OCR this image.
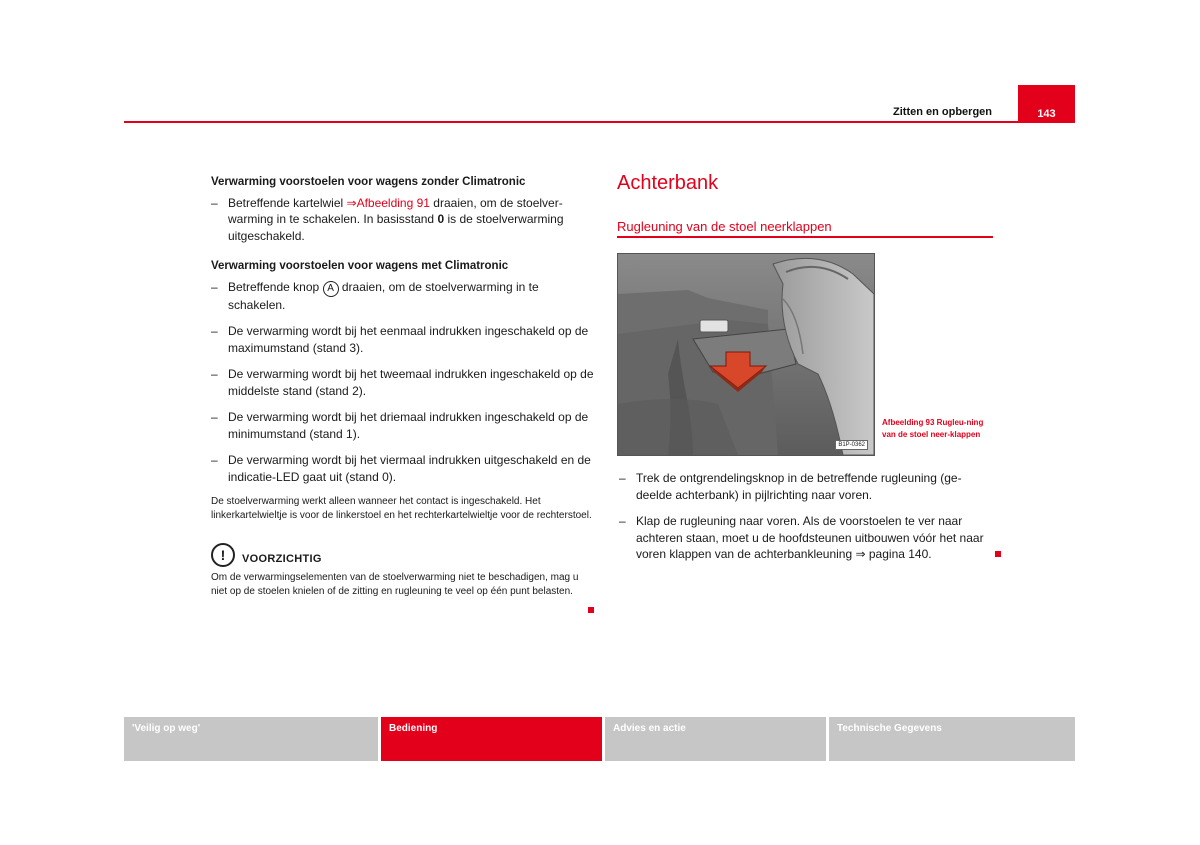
Zitten en opbergen	143

Verwarming voorstoelen voor wagens zonder Climatronic

– Betreffende kartelwiel ⇒Afbeelding 91 draaien, om de stoelver-warming in te schakelen. In basisstand 0 is de stoelverwarming uitgeschakeld.

Verwarming voorstoelen voor wagens met Climatronic

– Betreffende knop A draaien, om de stoelverwarming in te schakelen.
– De verwarming wordt bij het eenmaal indrukken ingeschakeld op de maximumstand (stand 3).
– De verwarming wordt bij het tweemaal indrukken ingeschakeld op de middelste stand (stand 2).
– De verwarming wordt bij het driemaal indrukken ingeschakeld op de minimumstand (stand 1).
– De verwarming wordt bij het viermaal indrukken uitgeschakeld en de indicatie-LED gaat uit (stand 0).

De stoelverwarming werkt alleen wanneer het contact is ingeschakeld. Het linkerkartelwieltje is voor de linkerstoel en het rechterkartelwieltje voor de rechterstoel.

!	VOORZICHTIG

Om de verwarmingselementen van de stoelverwarming niet te beschadigen, mag u niet op de stoelen knielen of de zitting en rugleuning te veel op één punt belasten.

Achterbank
Rugleuning van de stoel neerklappen
B1P-0362
Afbeelding 93 Rugleu-ning van de stoel neer-klappen
– Trek de ontgrendelingsknop in de betreffende rugleuning (ge-deelde achterbank) in pijlrichting naar voren.
– Klap de rugleuning naar voren. Als de voorstoelen te ver naar achteren staan, moet u de hoofdsteunen uitbouwen vóór het naar voren klappen van de achterbankleuning ⇒ pagina 140.
'Veilig op weg'	Bediening	Advies en actie	Technische Gegevens
